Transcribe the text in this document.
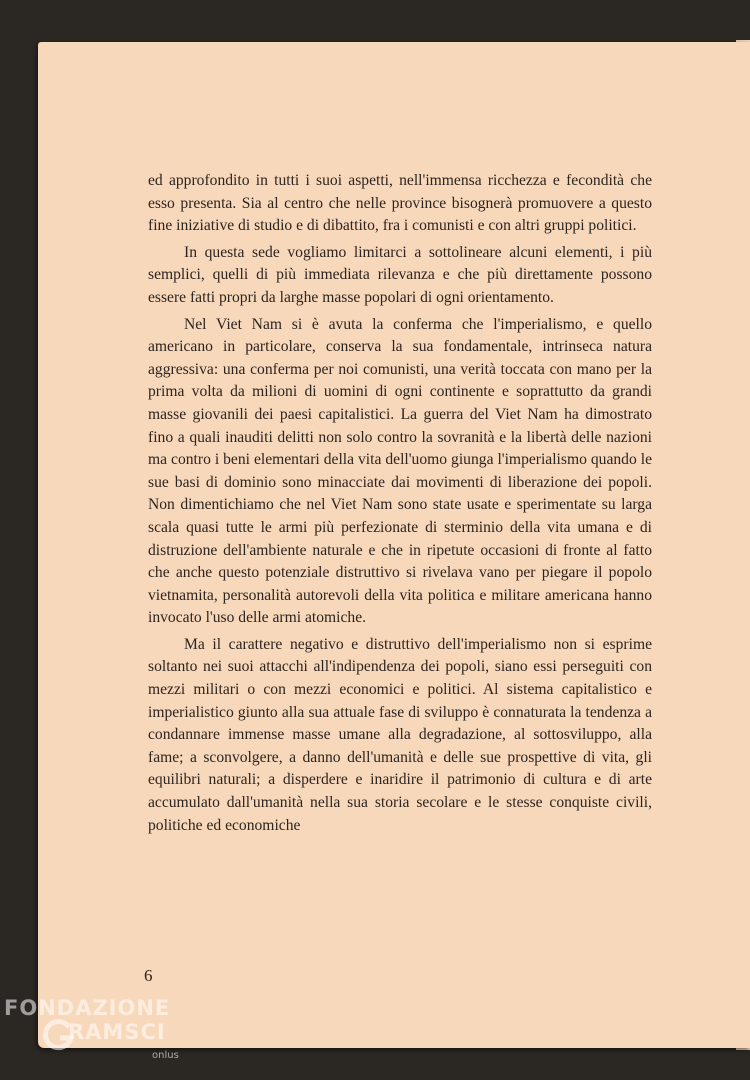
ed approfondito in tutti i suoi aspetti, nell'immensa ricchezza e fecondità che esso presenta. Sia al centro che nelle province bisognerà promuovere a questo fine iniziative di studio e di dibattito, fra i comunisti e con altri gruppi politici.

In questa sede vogliamo limitarci a sottolineare alcuni elementi, i più semplici, quelli di più immediata rilevanza e che più direttamente possono essere fatti propri da larghe masse popolari di ogni orientamento.

Nel Viet Nam si è avuta la conferma che l'imperialismo, e quello americano in particolare, conserva la sua fondamentale, intrinseca natura aggressiva: una conferma per noi comunisti, una verità toccata con mano per la prima volta da milioni di uomini di ogni continente e soprattutto da grandi masse giovanili dei paesi capitalistici. La guerra del Viet Nam ha dimostrato fino a quali inauditi delitti non solo contro la sovranità e la libertà delle nazioni ma contro i beni elementari della vita dell'uomo giunga l'imperialismo quando le sue basi di dominio sono minacciate dai movimenti di liberazione dei popoli. Non dimentichiamo che nel Viet Nam sono state usate e sperimentate su larga scala quasi tutte le armi più perfezionate di sterminio della vita umana e di distruzione dell'ambiente naturale e che in ripetute occasioni di fronte al fatto che anche questo potenziale distruttivo si rivelava vano per piegare il popolo vietnamita, personalità autorevoli della vita politica e militare americana hanno invocato l'uso delle armi atomiche.

Ma il carattere negativo e distruttivo dell'imperialismo non si esprime soltanto nei suoi attacchi all'indipendenza dei popoli, siano essi perseguiti con mezzi militari o con mezzi economici e politici. Al sistema capitalistico e imperialistico giunto alla sua attuale fase di sviluppo è connaturata la tendenza a condannare immense masse umane alla degradazione, al sottosviluppo, alla fame; a sconvolgere, a danno dell'umanità e delle sue prospettive di vita, gli equilibri naturali; a disperdere e inaridire il patrimonio di cultura e di arte accumulato dall'umanità nella sua storia secolare e le stesse conquiste civili, politiche ed economiche

6
FONDAZIONE
RAMSCI
onlus
